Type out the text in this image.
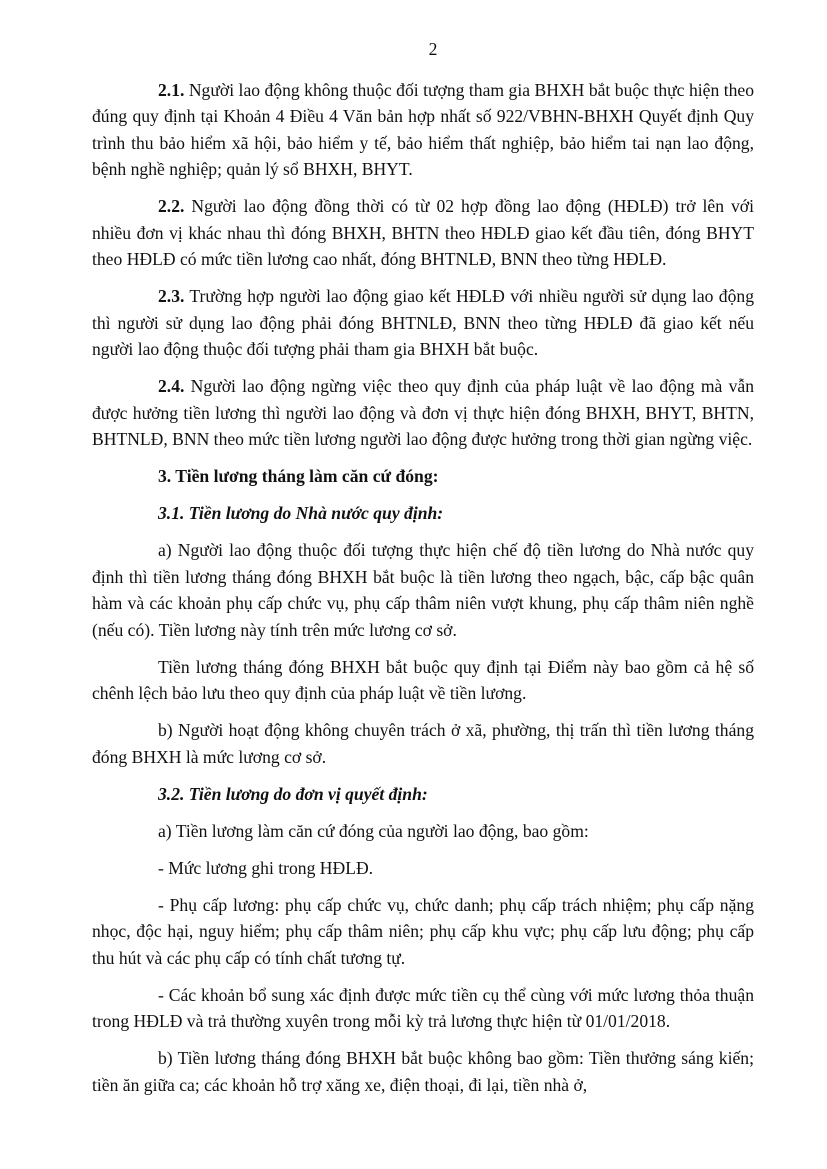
2

2.1. Người lao động không thuộc đối tượng tham gia BHXH bắt buộc thực hiện theo đúng quy định tại Khoản 4 Điều 4 Văn bản hợp nhất số 922/VBHN-BHXH Quyết định Quy trình thu bảo hiểm xã hội, bảo hiểm y tế, bảo hiểm thất nghiệp, bảo hiểm tai nạn lao động, bệnh nghề nghiệp; quản lý sổ BHXH, BHYT.

2.2. Người lao động đồng thời có từ 02 hợp đồng lao động (HĐLĐ) trở lên với nhiều đơn vị khác nhau thì đóng BHXH, BHTN theo HĐLĐ giao kết đầu tiên, đóng BHYT theo HĐLĐ có mức tiền lương cao nhất, đóng BHTNLĐ, BNN theo từng HĐLĐ.

2.3. Trường hợp người lao động giao kết HĐLĐ với nhiều người sử dụng lao động thì người sử dụng lao động phải đóng BHTNLĐ, BNN theo từng HĐLĐ đã giao kết nếu người lao động thuộc đối tượng phải tham gia BHXH bắt buộc.

2.4. Người lao động ngừng việc theo quy định của pháp luật về lao động mà vẫn được hưởng tiền lương thì người lao động và đơn vị thực hiện đóng BHXH, BHYT, BHTN, BHTNLĐ, BNN theo mức tiền lương người lao động được hưởng trong thời gian ngừng việc.

3. Tiền lương tháng làm căn cứ đóng:

3.1. Tiền lương do Nhà nước quy định:

a) Người lao động thuộc đối tượng thực hiện chế độ tiền lương do Nhà nước quy định thì tiền lương tháng đóng BHXH bắt buộc là tiền lương theo ngạch, bậc, cấp bậc quân hàm và các khoản phụ cấp chức vụ, phụ cấp thâm niên vượt khung, phụ cấp thâm niên nghề (nếu có). Tiền lương này tính trên mức lương cơ sở.

Tiền lương tháng đóng BHXH bắt buộc quy định tại Điểm này bao gồm cả hệ số chênh lệch bảo lưu theo quy định của pháp luật về tiền lương.

b) Người hoạt động không chuyên trách ở xã, phường, thị trấn thì tiền lương tháng đóng BHXH là mức lương cơ sở.

3.2. Tiền lương do đơn vị quyết định:

a) Tiền lương làm căn cứ đóng của người lao động, bao gồm:

- Mức lương ghi trong HĐLĐ.

- Phụ cấp lương: phụ cấp chức vụ, chức danh; phụ cấp trách nhiệm; phụ cấp nặng nhọc, độc hại, nguy hiểm; phụ cấp thâm niên; phụ cấp khu vực; phụ cấp lưu động; phụ cấp thu hút và các phụ cấp có tính chất tương tự.

- Các khoản bổ sung xác định được mức tiền cụ thể cùng với mức lương thỏa thuận trong HĐLĐ và trả thường xuyên trong mỗi kỳ trả lương thực hiện từ 01/01/2018.

b) Tiền lương tháng đóng BHXH bắt buộc không bao gồm: Tiền thưởng sáng kiến; tiền ăn giữa ca; các khoản hỗ trợ xăng xe, điện thoại, đi lại, tiền nhà ở,
